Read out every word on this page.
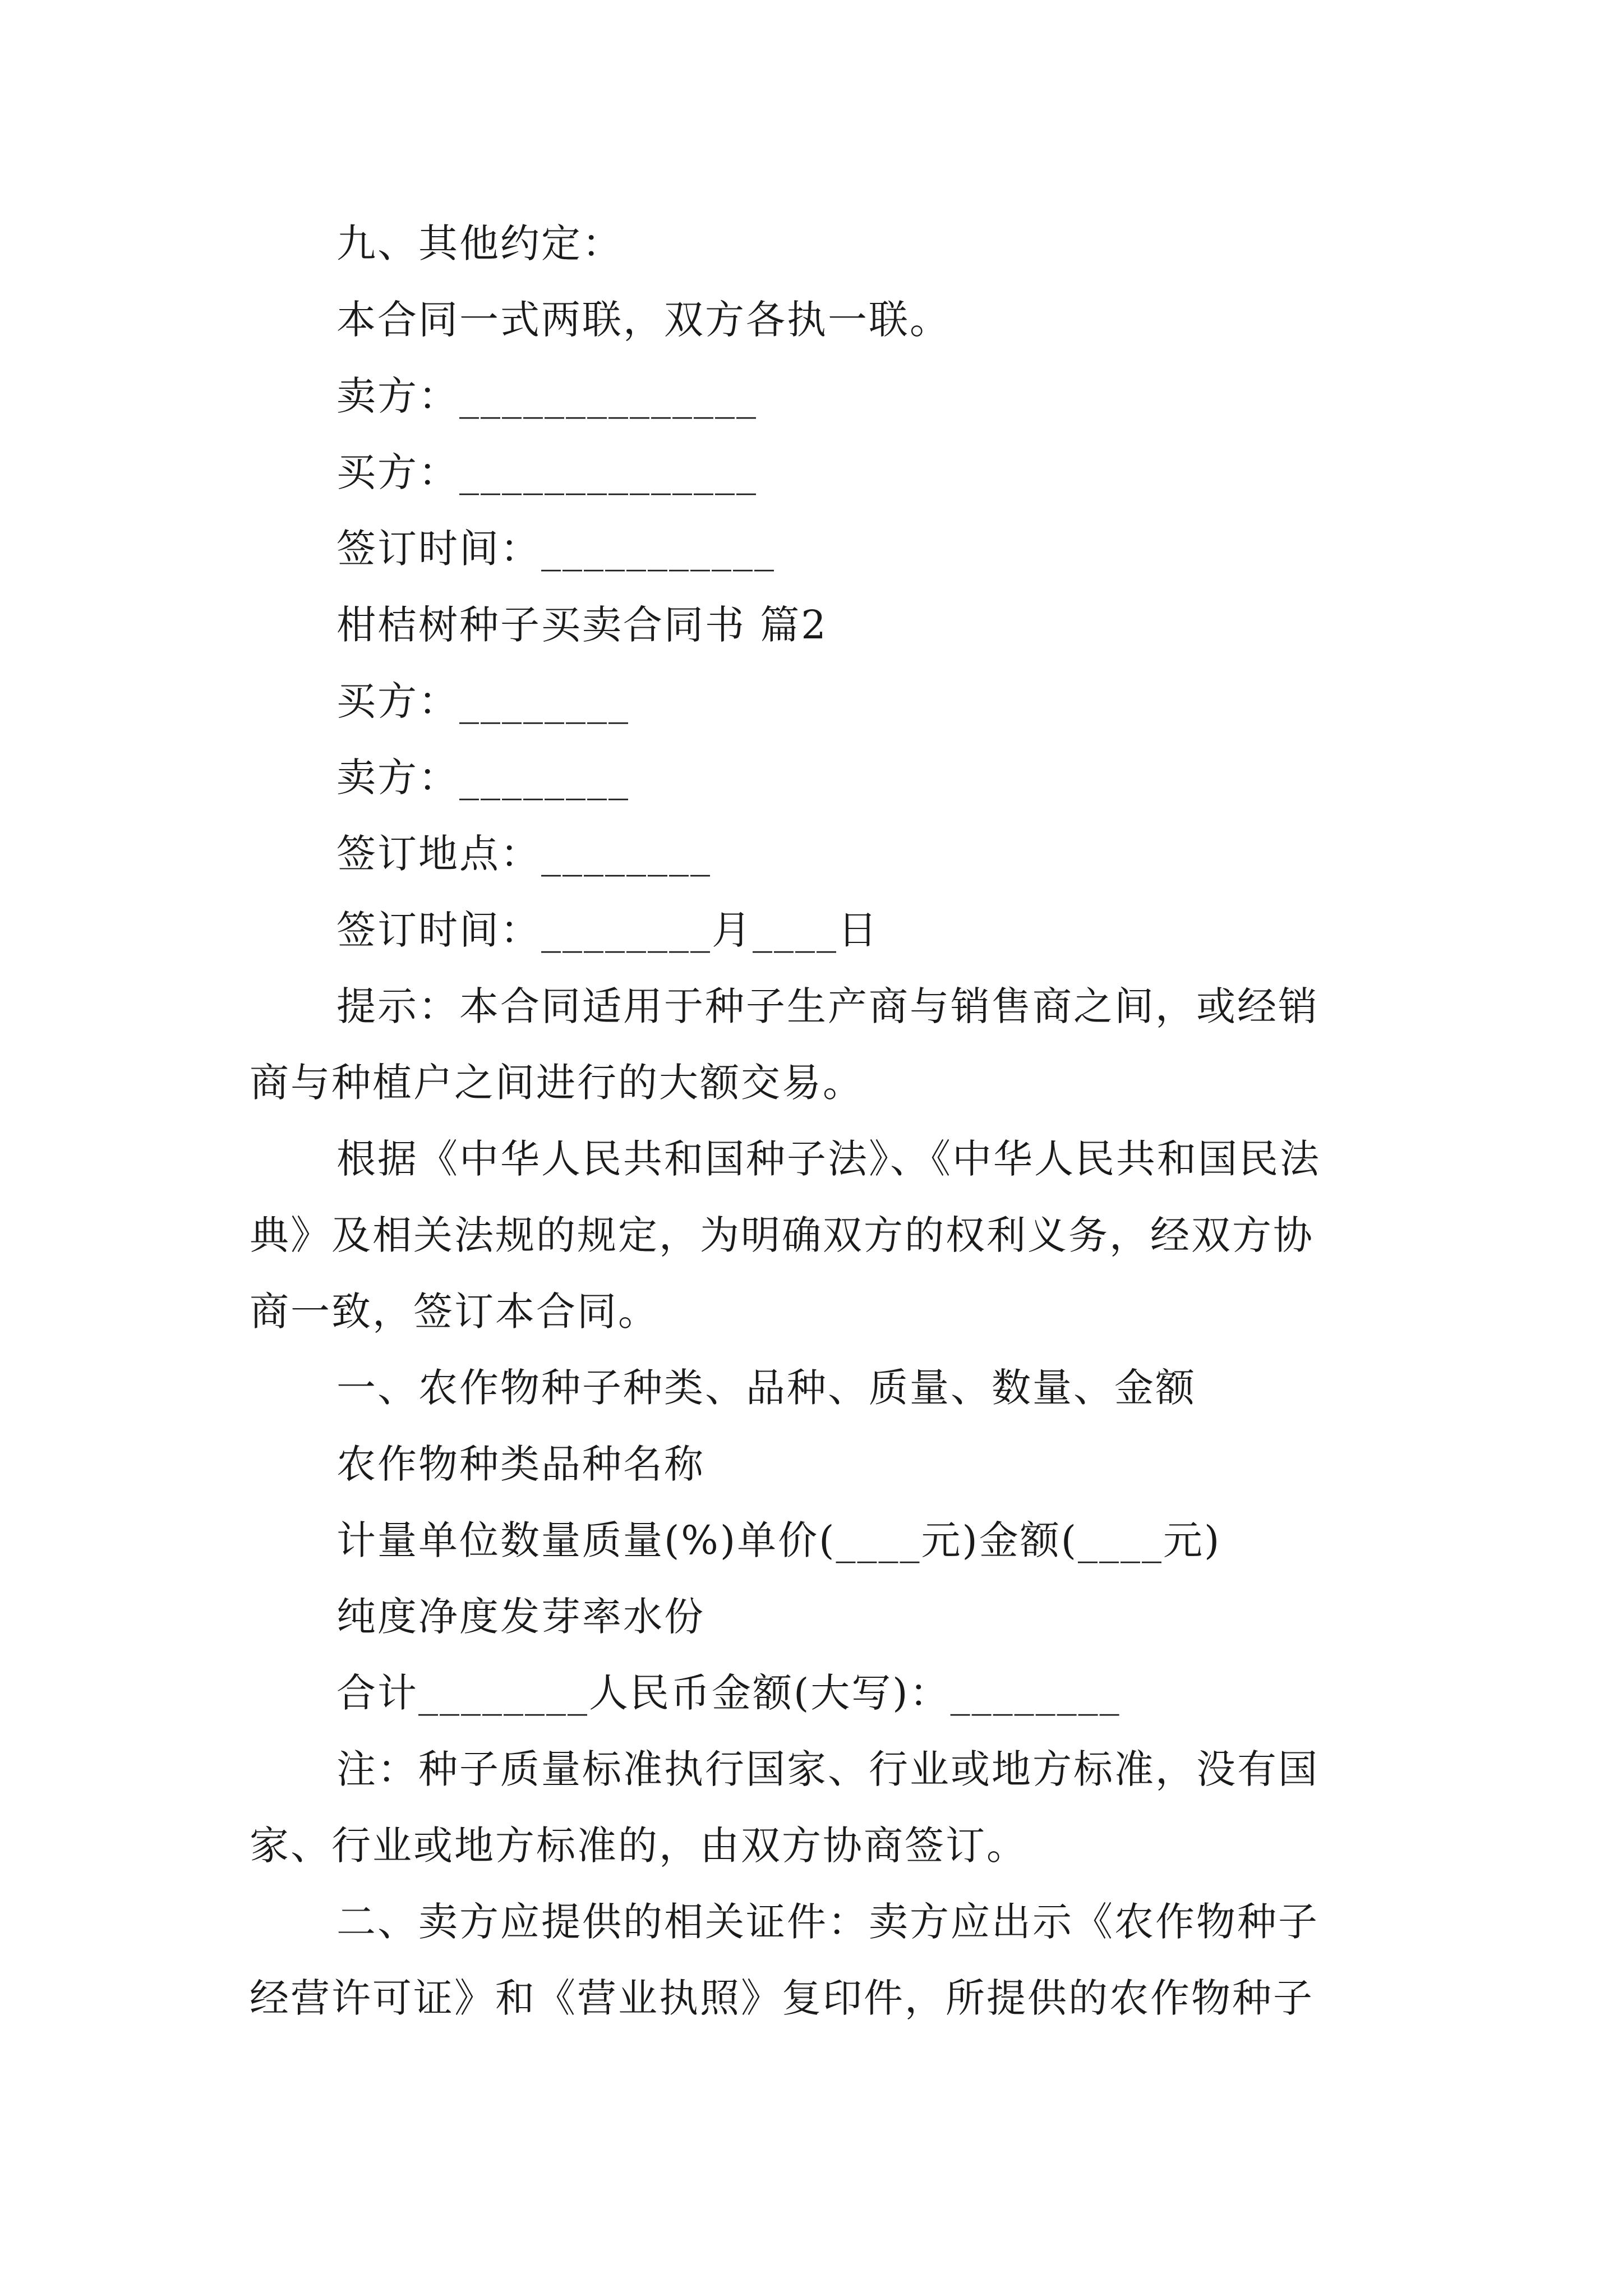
九、其他约定：
本合同一式两联，双方各执一联。
卖方：______________
买方：______________
签订时间：___________
柑桔树种子买卖合同书 篇2
买方：________
卖方：________
签订地点：________
签订时间：________月____日
提示：本合同适用于种子生产商与销售商之间，或经销
商与种植户之间进行的大额交易。
根据《中华人民共和国种子法》、《中华人民共和国民法
典》及相关法规的规定，为明确双方的权利义务，经双方协
商一致，签订本合同。
一、农作物种子种类、品种、质量、数量、金额
农作物种类品种名称
计量单位数量质量(%)单价(____元)金额(____元)
纯度净度发芽率水份
合计________人民币金额(大写)：________
注：种子质量标准执行国家、行业或地方标准，没有国
家、行业或地方标准的，由双方协商签订。
二、卖方应提供的相关证件：卖方应出示《农作物种子
经营许可证》和《营业执照》复印件，所提供的农作物种子
